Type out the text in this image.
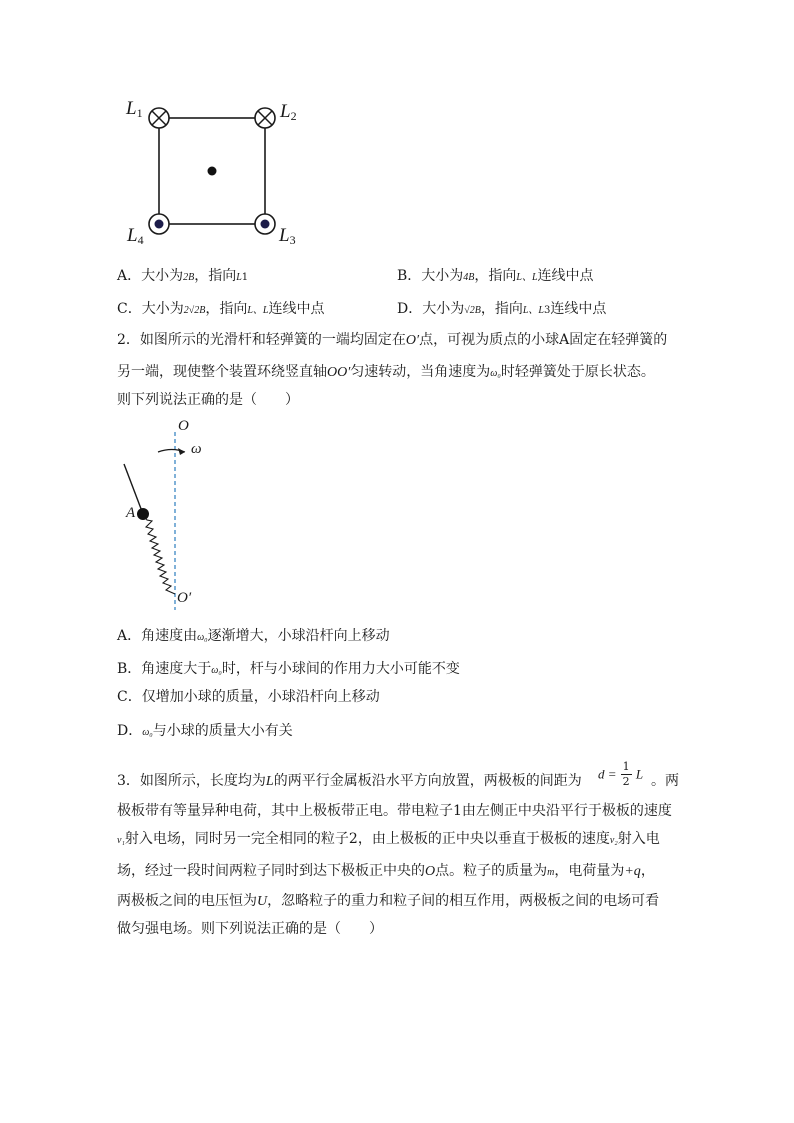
$L_1$	$L_2$
$L_3$
$L_4$
A．大小为2B，指向L1	B．大小为4B，指向L、L连线中点
C．大小为2√2B，指向L、L连线中点	D．大小为√2B，指向L、L3连线中点
2．如图所示的光滑杆和轻弹簧的一端均固定在O′点，可视为质点的小球A固定在轻弹簧的
另一端，现使整个装置环绕竖直轴OO′匀速转动，当角速度为ω₀时轻弹簧处于原长状态。
则下列说法正确的是（　　）
O
ω
A
O′
A．角速度由ω₀逐渐增大，小球沿杆向上移动
B．角速度大于ω₀时，杆与小球间的作用力大小可能不变
C．仅增加小球的质量，小球沿杆向上移动
D．ω₀与小球的质量大小有关
3．如图所示，长度均为L的两平行金属板沿水平方向放置，两极板的间距为 $d = \frac{1}{2}$ L 。两
极板带有等量异种电荷，其中上极板带正电。带电粒子1由左侧正中央沿平行于极板的速度
v₁射入电场，同时另一完全相同的粒子2，由上极板的正中央以垂直于极板的速度v₂射入电
场，经过一段时间两粒子同时到达下极板正中央的O点。粒子的质量为m，电荷量为+q，
两极板之间的电压恒为U，忽略粒子的重力和粒子间的相互作用，两极板之间的电场可看
做匀强电场。则下列说法正确的是（　　）
